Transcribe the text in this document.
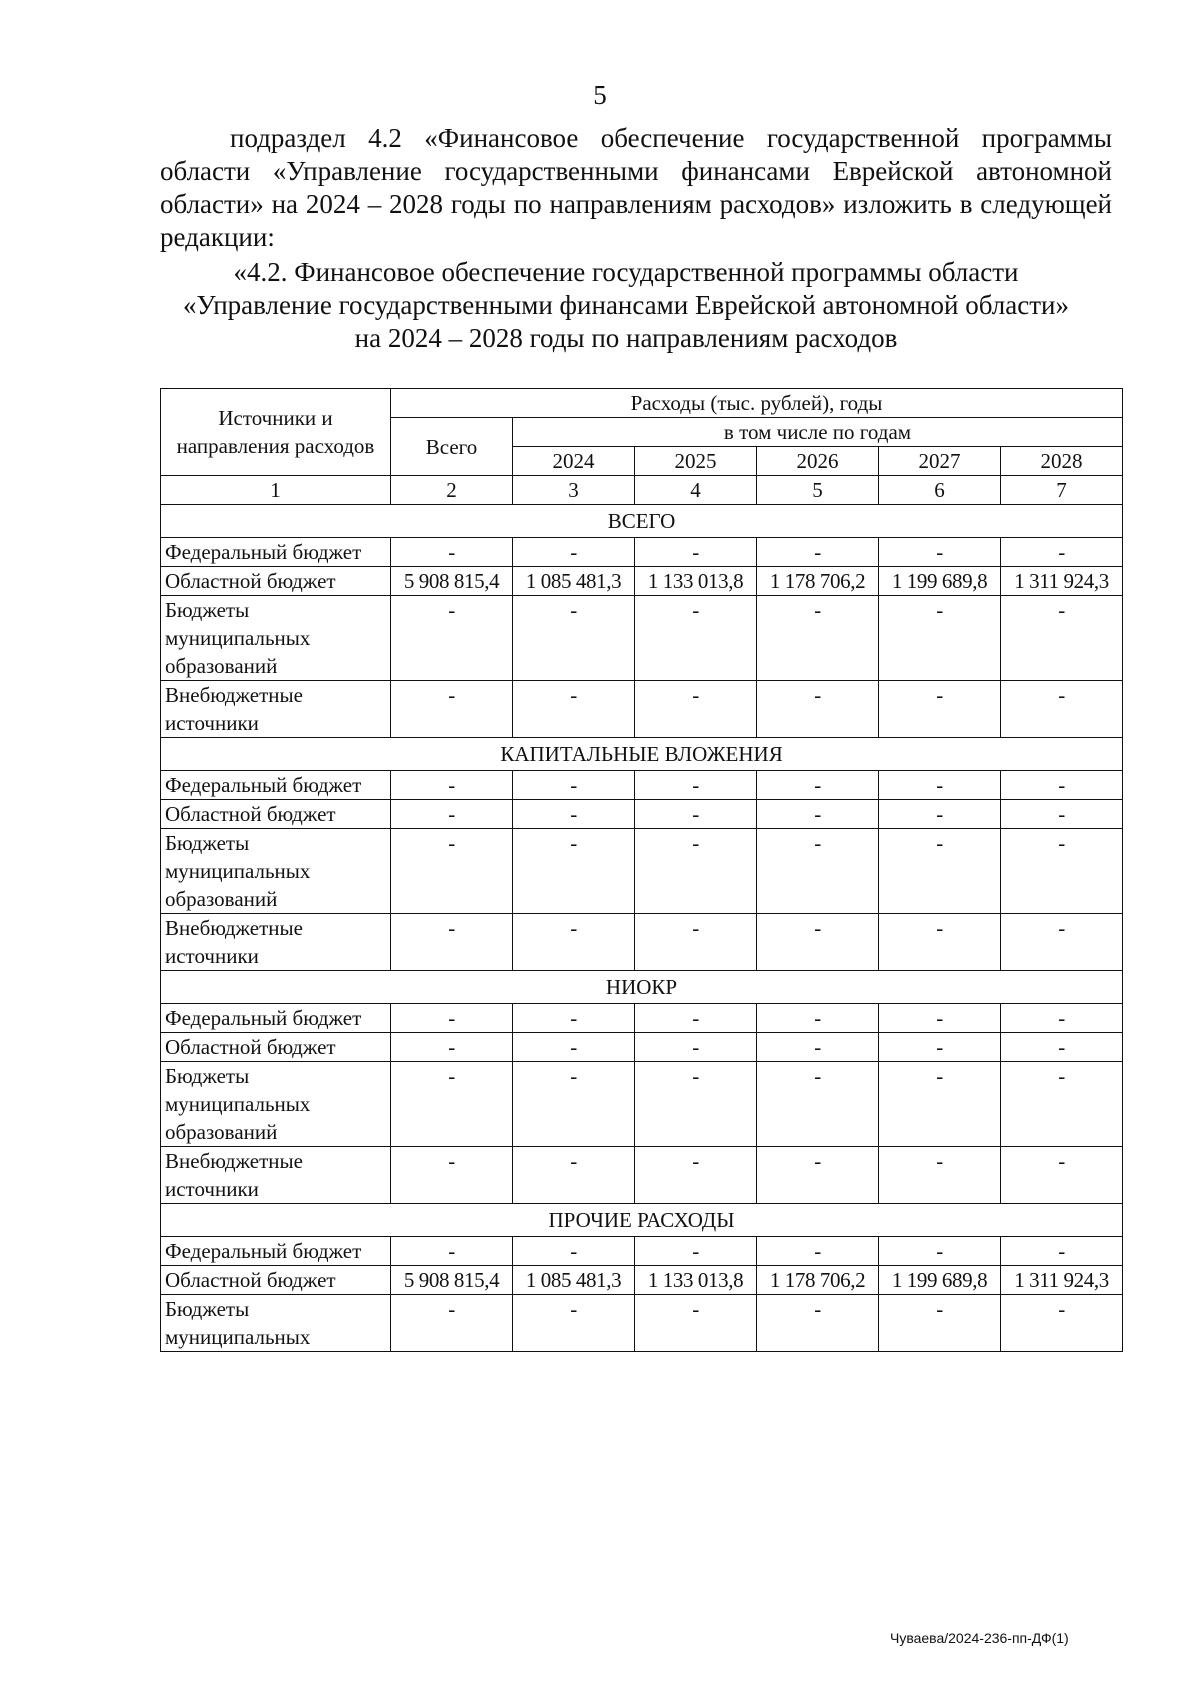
5

подраздел 4.2 «Финансовое обеспечение государственной программы области «Управление государственными финансами Еврейской автономной области» на 2024 – 2028 годы по направлениям расходов» изложить в следующей редакции:

«4.2. Финансовое обеспечение государственной программы области
«Управление государственными финансами Еврейской автономной области»
на 2024 – 2028 годы по направлениям расходов
Источники и направления расходов	Расходы (тыс. рублей), годы					
	Всего	в том числе по годам				
		2024	2025	2026	2027	2028
1	2	3	4	5	6	7
ВСЕГО						
Федеральный бюджет	-	-	-	-	-	-
Областной бюджет	5 908 815,4	1 085 481,3	1 133 013,8	1 178 706,2	1 199 689,8	1 311 924,3
Бюджеты муниципальных образований	-	-	-	-	-	-
Внебюджетные источники	-	-	-	-	-	-
КАПИТАЛЬНЫЕ ВЛОЖЕНИЯ						
Федеральный бюджет	-	-	-	-	-	-
Областной бюджет	-	-	-	-	-	-
Бюджеты муниципальных образований	-	-	-	-	-	-
Внебюджетные источники	-	-	-	-	-	-
НИОКР						
Федеральный бюджет	-	-	-	-	-	-
Областной бюджет	-	-	-	-	-	-
Бюджеты муниципальных образований	-	-	-	-	-	-
Внебюджетные источники	-	-	-	-	-	-
ПРОЧИЕ РАСХОДЫ						
Федеральный бюджет	-	-	-	-	-	-
Областной бюджет	5 908 815,4	1 085 481,3	1 133 013,8	1 178 706,2	1 199 689,8	1 311 924,3
Бюджеты муниципальных	-	-	-	-	-	-
Чуваева/2024-236-пп-ДФ(1)
